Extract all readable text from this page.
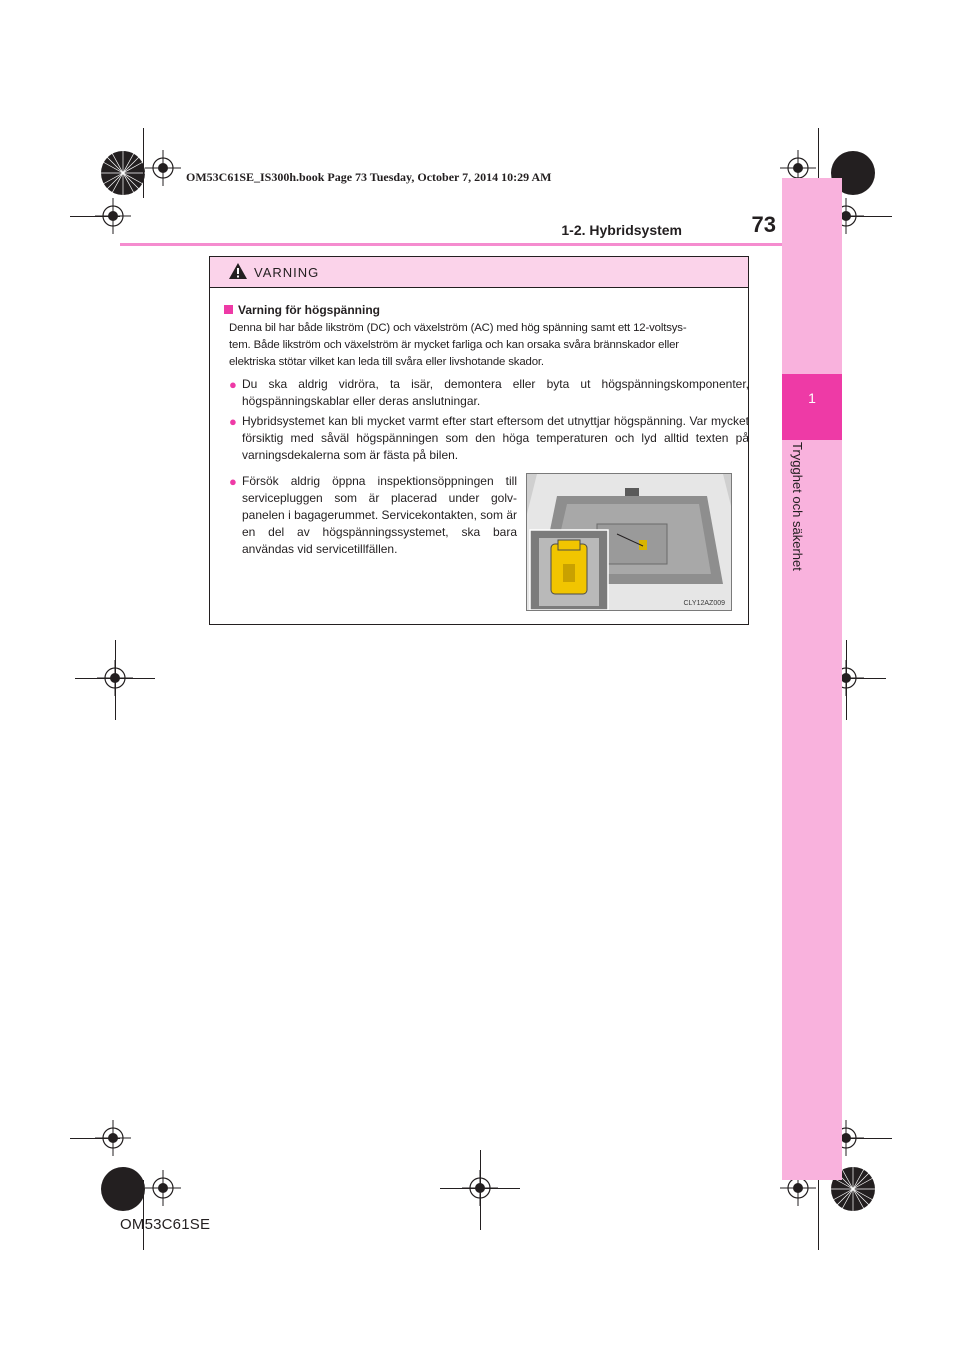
OM53C61SE_IS300h.book Page 73 Tuesday, October 7, 2014 10:29 AM
1
Trygghet och säkerhet
1-2. Hybridsystem	73
VARNING
Varning för högspänning
Denna bil har både likström (DC) och växelström (AC) med hög spänning samt ett 12-voltsys-
tem. Både likström och växelström är mycket farliga och kan orsaka svåra brännskador eller
elektriska stötar vilket kan leda till svåra eller livshotande skador.
● Du ska aldrig vidröra, ta isär, demontera eller byta ut högspänningskomponenter, högspänningskablar eller deras anslutningar.
● Hybridsystemet kan bli mycket varmt efter start eftersom det utnyttjar högspänning. Var mycket försiktig med såväl högspänningen som den höga temperaturen och lyd alltid texten på varningsdekalerna som är fästa på bilen.
● Försök aldrig öppna inspektionsöppningen till servicepluggen som är placerad under golv-panelen i bagagerummet. Servicekontakten, som är en del av högspänningssystemet, ska bara användas vid servicetillfällen.
CLY12AZ009
OM53C61SE
